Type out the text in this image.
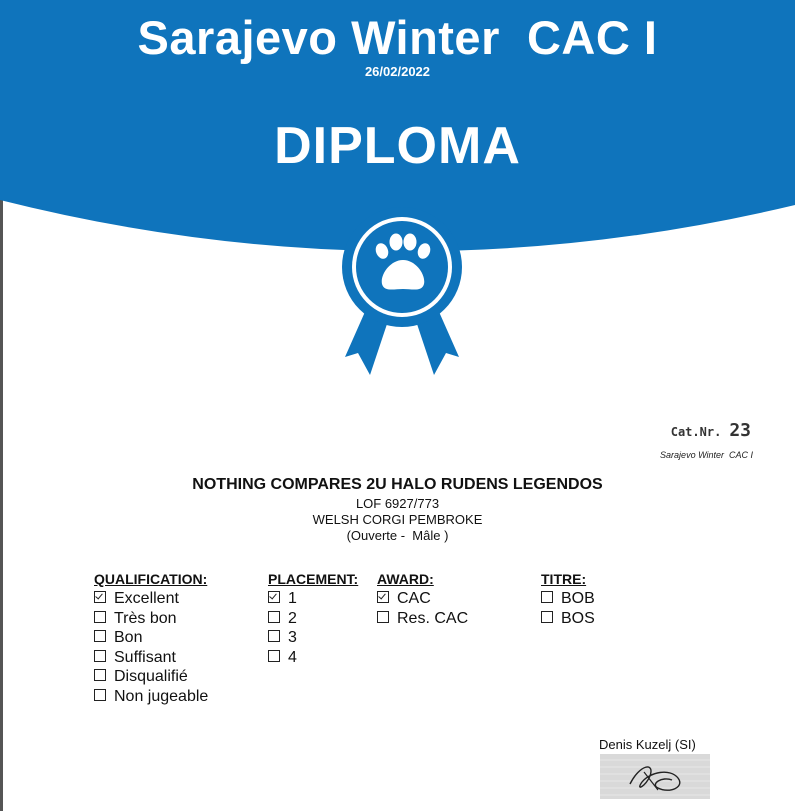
Sarajevo Winter  CAC I
26/02/2022
DIPLOMA
Cat.Nr. 23
Sarajevo Winter  CAC I
NOTHING COMPARES 2U HALO RUDENS LEGENDOS
LOF 6927/773
WELSH CORGI PEMBROKE
(Ouverte -  Mâle )
QUALIFICATION:
Excellent
Très bon
Bon
Suffisant
Disqualifié
Non jugeable
PLACEMENT:
1
2
3
4
AWARD:
CAC
Res. CAC
TITRE:
BOB
BOS
Denis Kuzelj (SI)
